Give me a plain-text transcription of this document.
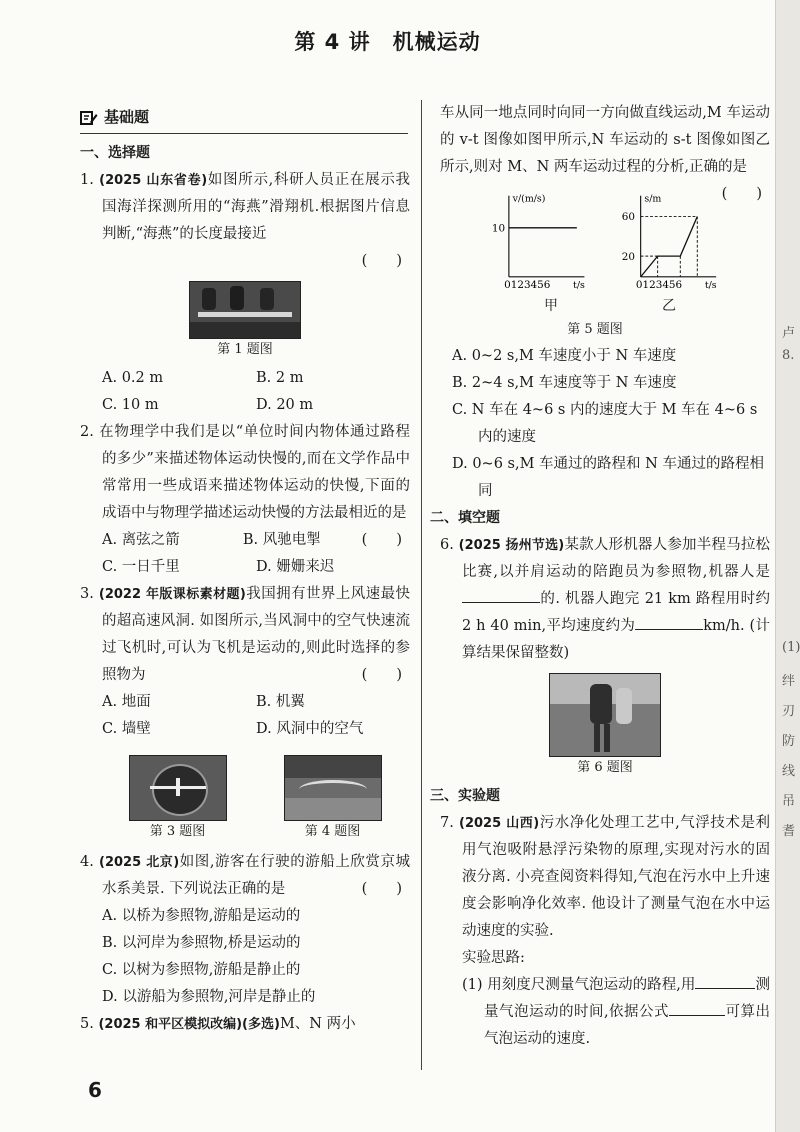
第 4 讲　机械运动
基础题
一、选择题

1. (2025 山东省卷)如图所示,科研人员正在展示我国海洋探测所用的“海燕”滑翔机.根据图片信息判断,“海燕”的长度最接近

(　　)
第 1 题图
A. 0.2 m	B. 2 m
C. 10 m	D. 20 m

2. 在物理学中我们是以“单位时间内物体通过路程的多少”来描述物体运动快慢的,而在文学作品中常常用一些成语来描述物体运动的快慢,下面的成语中与物理学描述运动快慢的方法最相近的是
(　　)

A. 离弦之箭	B. 风驰电掣
C. 一日千里	D. 姗姗来迟

3. (2022 年版课标素材题)我国拥有世界上风速最快的超高速风洞. 如图所示,当风洞中的空气快速流过飞机时,可认为飞机是运动的,则此时选择的参照物为	(　　)

A. 地面	B. 机翼
C. 墙壁	D. 风洞中的空气
第 3 题图	第 4 题图

4. (2025 北京)如图,游客在行驶的游船上欣赏京城水系美景. 下列说法正确的是	(　　)

A. 以桥为参照物,游船是运动的
B. 以河岸为参照物,桥是运动的
C. 以树为参照物,游船是静止的
D. 以游船为参照物,河岸是静止的

5. (2025 和平区模拟改编)(多选)M、N 两小

车从同一地点同时向同一方向做直线运动,M 车运动的 v-t 图像如图甲所示,N 车运动的 s-t 图像如图乙所示,则对 M、N 两车运动过程的分析,正确的是
(　　)

v/(m/s)
10
0123456 t/s
s/m
60
20
0123456 t/s
甲	乙
第 5 题图
A. 0~2 s,M 车速度小于 N 车速度
B. 2~4 s,M 车速度等于 N 车速度
C. N 车在 4~6 s 内的速度大于 M 车在 4~6 s 内的速度
D. 0~6 s,M 车通过的路程和 N 车通过的路程相同
二、填空题

6. (2025 扬州节选)某款人形机器人参加半程马拉松比赛,以并肩运动的陪跑员为参照物,机器人是的. 机器人跑完 21 km 路程用时约 2 h 40 min,平均速度约为	km/h. (计算结果保留整数)

第 6 题图
三、实验题

7. (2025 山西)污水净化处理工艺中,气浮技术是利用气泡吸附悬浮污染物的原理,实现对污水的固液分离. 小亮查阅资料得知,气泡在污水中上升速度会影响净化效率. 他设计了测量气泡在水中运动速度的实验.

实验思路:

(1) 用刻度尺测量气泡运动的路程,用	测量气泡运动的时间,依据公式	可算出气泡运动的速度.

6
卢
8.
(1)
绊
刃
防
线
吊
耆
